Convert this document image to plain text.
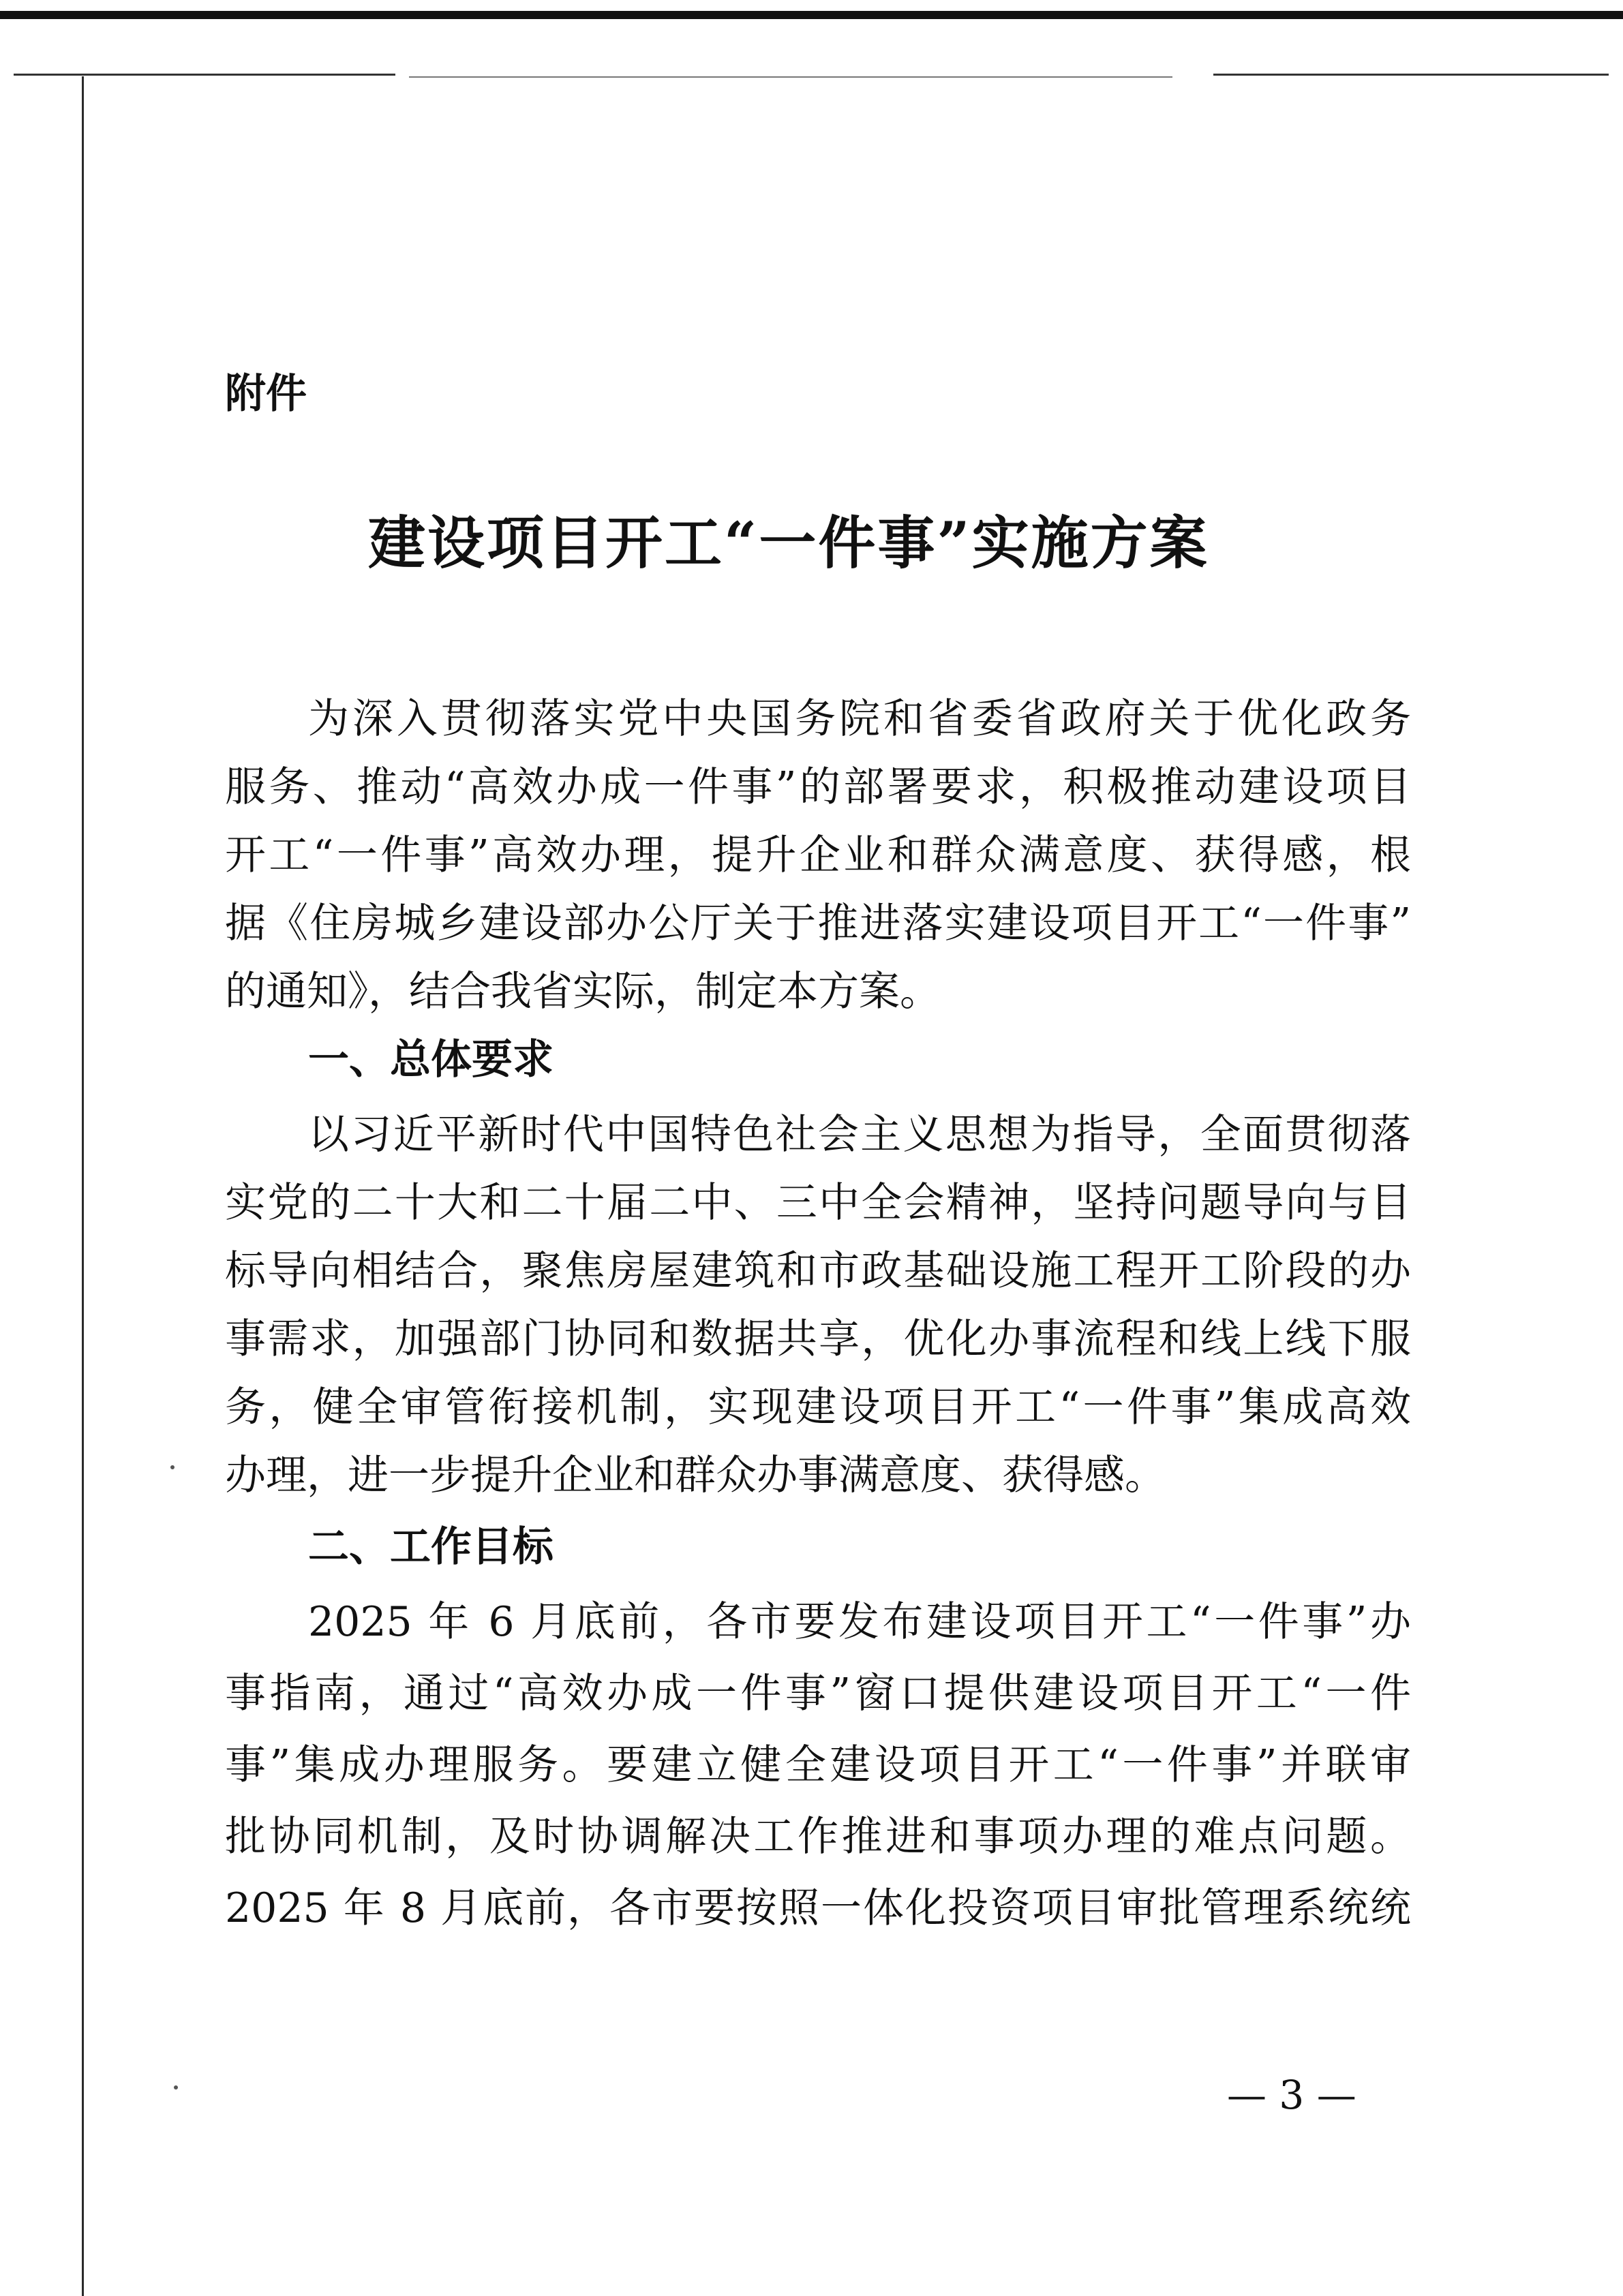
附件
建设项目开工“一件事”实施方案
为深入贯彻落实党中央国务院和省委省政府关于优化政务
服务、推动“高效办成一件事”的部署要求，积极推动建设项目
开工“一件事”高效办理，提升企业和群众满意度、获得感，根
据《住房城乡建设部办公厅关于推进落实建设项目开工“一件事”
的通知》，结合我省实际，制定本方案。
一、总体要求
以习近平新时代中国特色社会主义思想为指导，全面贯彻落
实党的二十大和二十届二中、三中全会精神，坚持问题导向与目
标导向相结合，聚焦房屋建筑和市政基础设施工程开工阶段的办
事需求，加强部门协同和数据共享，优化办事流程和线上线下服
务，健全审管衔接机制，实现建设项目开工“一件事”集成高效
办理，进一步提升企业和群众办事满意度、获得感。
二、工作目标
2025 年 6 月底前，各市要发布建设项目开工“一件事”办
事指南，通过“高效办成一件事”窗口提供建设项目开工“一件
事”集成办理服务。要建立健全建设项目开工“一件事”并联审
批协同机制，及时协调解决工作推进和事项办理的难点问题。
2025 年 8 月底前，各市要按照一体化投资项目审批管理系统统
— 3 —
